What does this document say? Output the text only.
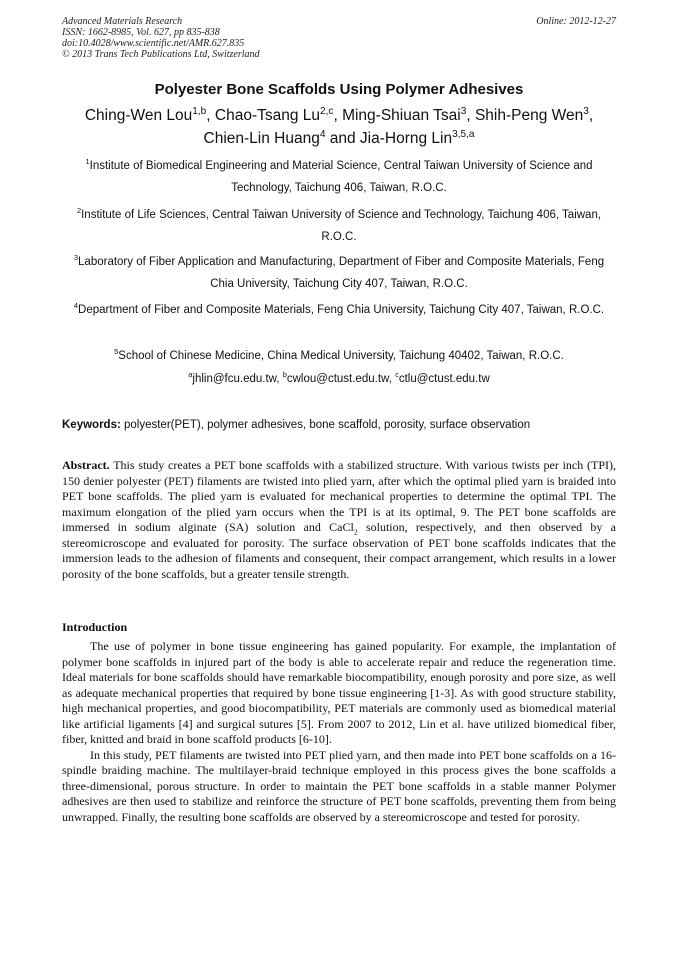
Advanced Materials Research
ISSN: 1662-8985, Vol. 627, pp 835-838
doi:10.4028/www.scientific.net/AMR.627.835
© 2013 Trans Tech Publications Ltd, Switzerland
Online: 2012-12-27
Polyester Bone Scaffolds Using Polymer Adhesives
Ching-Wen Lou$^{1,b}$, Chao-Tsang Lu$^{2,c}$, Ming-Shiuan Tsai$^3$, Shih-Peng Wen$^3$,
Chien-Lin Huang$^4$ and Jia-Horng Lin$^{3,5,a}$
$^1$Institute of Biomedical Engineering and Material Science, Central Taiwan University of Science and Technology, Taichung 406, Taiwan, R.O.C.
$^2$Institute of Life Sciences, Central Taiwan University of Science and Technology, Taichung 406, Taiwan, R.O.C.
$^3$Laboratory of Fiber Application and Manufacturing, Department of Fiber and Composite Materials, Feng Chia University, Taichung City 407, Taiwan, R.O.C.
$^4$Department of Fiber and Composite Materials, Feng Chia University, Taichung City 407, Taiwan, R.O.C.
$^5$School of Chinese Medicine, China Medical University, Taichung 40402, Taiwan, R.O.C.
$^a$jhlin@fcu.edu.tw, $^b$cwlou@ctust.edu.tw, $^c$ctlu@ctust.edu.tw
Keywords: polyester(PET), polymer adhesives, bone scaffold, porosity, surface observation

Abstract. This study creates a PET bone scaffolds with a stabilized structure. With various twists per inch (TPI), 150 denier polyester (PET) filaments are twisted into plied yarn, after which the optimal plied yarn is braided into PET bone scaffolds. The plied yarn is evaluated for mechanical properties to determine the optimal TPI. The maximum elongation of the plied yarn occurs when the TPI is at its optimal, 9. The PET bone scaffolds are immersed in sodium alginate (SA) solution and CaCl$_2$ solution, respectively, and then observed by a stereomicroscope and evaluated for porosity. The surface observation of PET bone scaffolds indicates that the immersion leads to the adhesion of filaments and consequent, their compact arrangement, which results in a lower porosity of the bone scaffolds, but a greater tensile strength.

Introduction

The use of polymer in bone tissue engineering has gained popularity. For example, the implantation of polymer bone scaffolds in injured part of the body is able to accelerate repair and reduce the regeneration time. Ideal materials for bone scaffolds should have remarkable biocompatibility, enough porosity and pore size, as well as adequate mechanical properties that required by bone tissue engineering [1-3]. As with good structure stability, high mechanical properties, and good biocompatibility, PET materials are commonly used as biomedical material like artificial ligaments [4] and surgical sutures [5]. From 2007 to 2012, Lin et al. have utilized biomedical fiber, fiber, knitted and braid in bone scaffold products [6-10].

In this study, PET filaments are twisted into PET plied yarn, and then made into PET bone scaffolds on a 16-spindle braiding machine. The multilayer-braid technique employed in this process gives the bone scaffolds a three-dimensional, porous structure. In order to maintain the PET bone scaffolds in a stable manner Polymer adhesives are then used to stabilize and reinforce the structure of PET bone scaffolds, preventing them from being unwrapped. Finally, the resulting bone scaffolds are observed by a stereomicroscope and tested for porosity.
